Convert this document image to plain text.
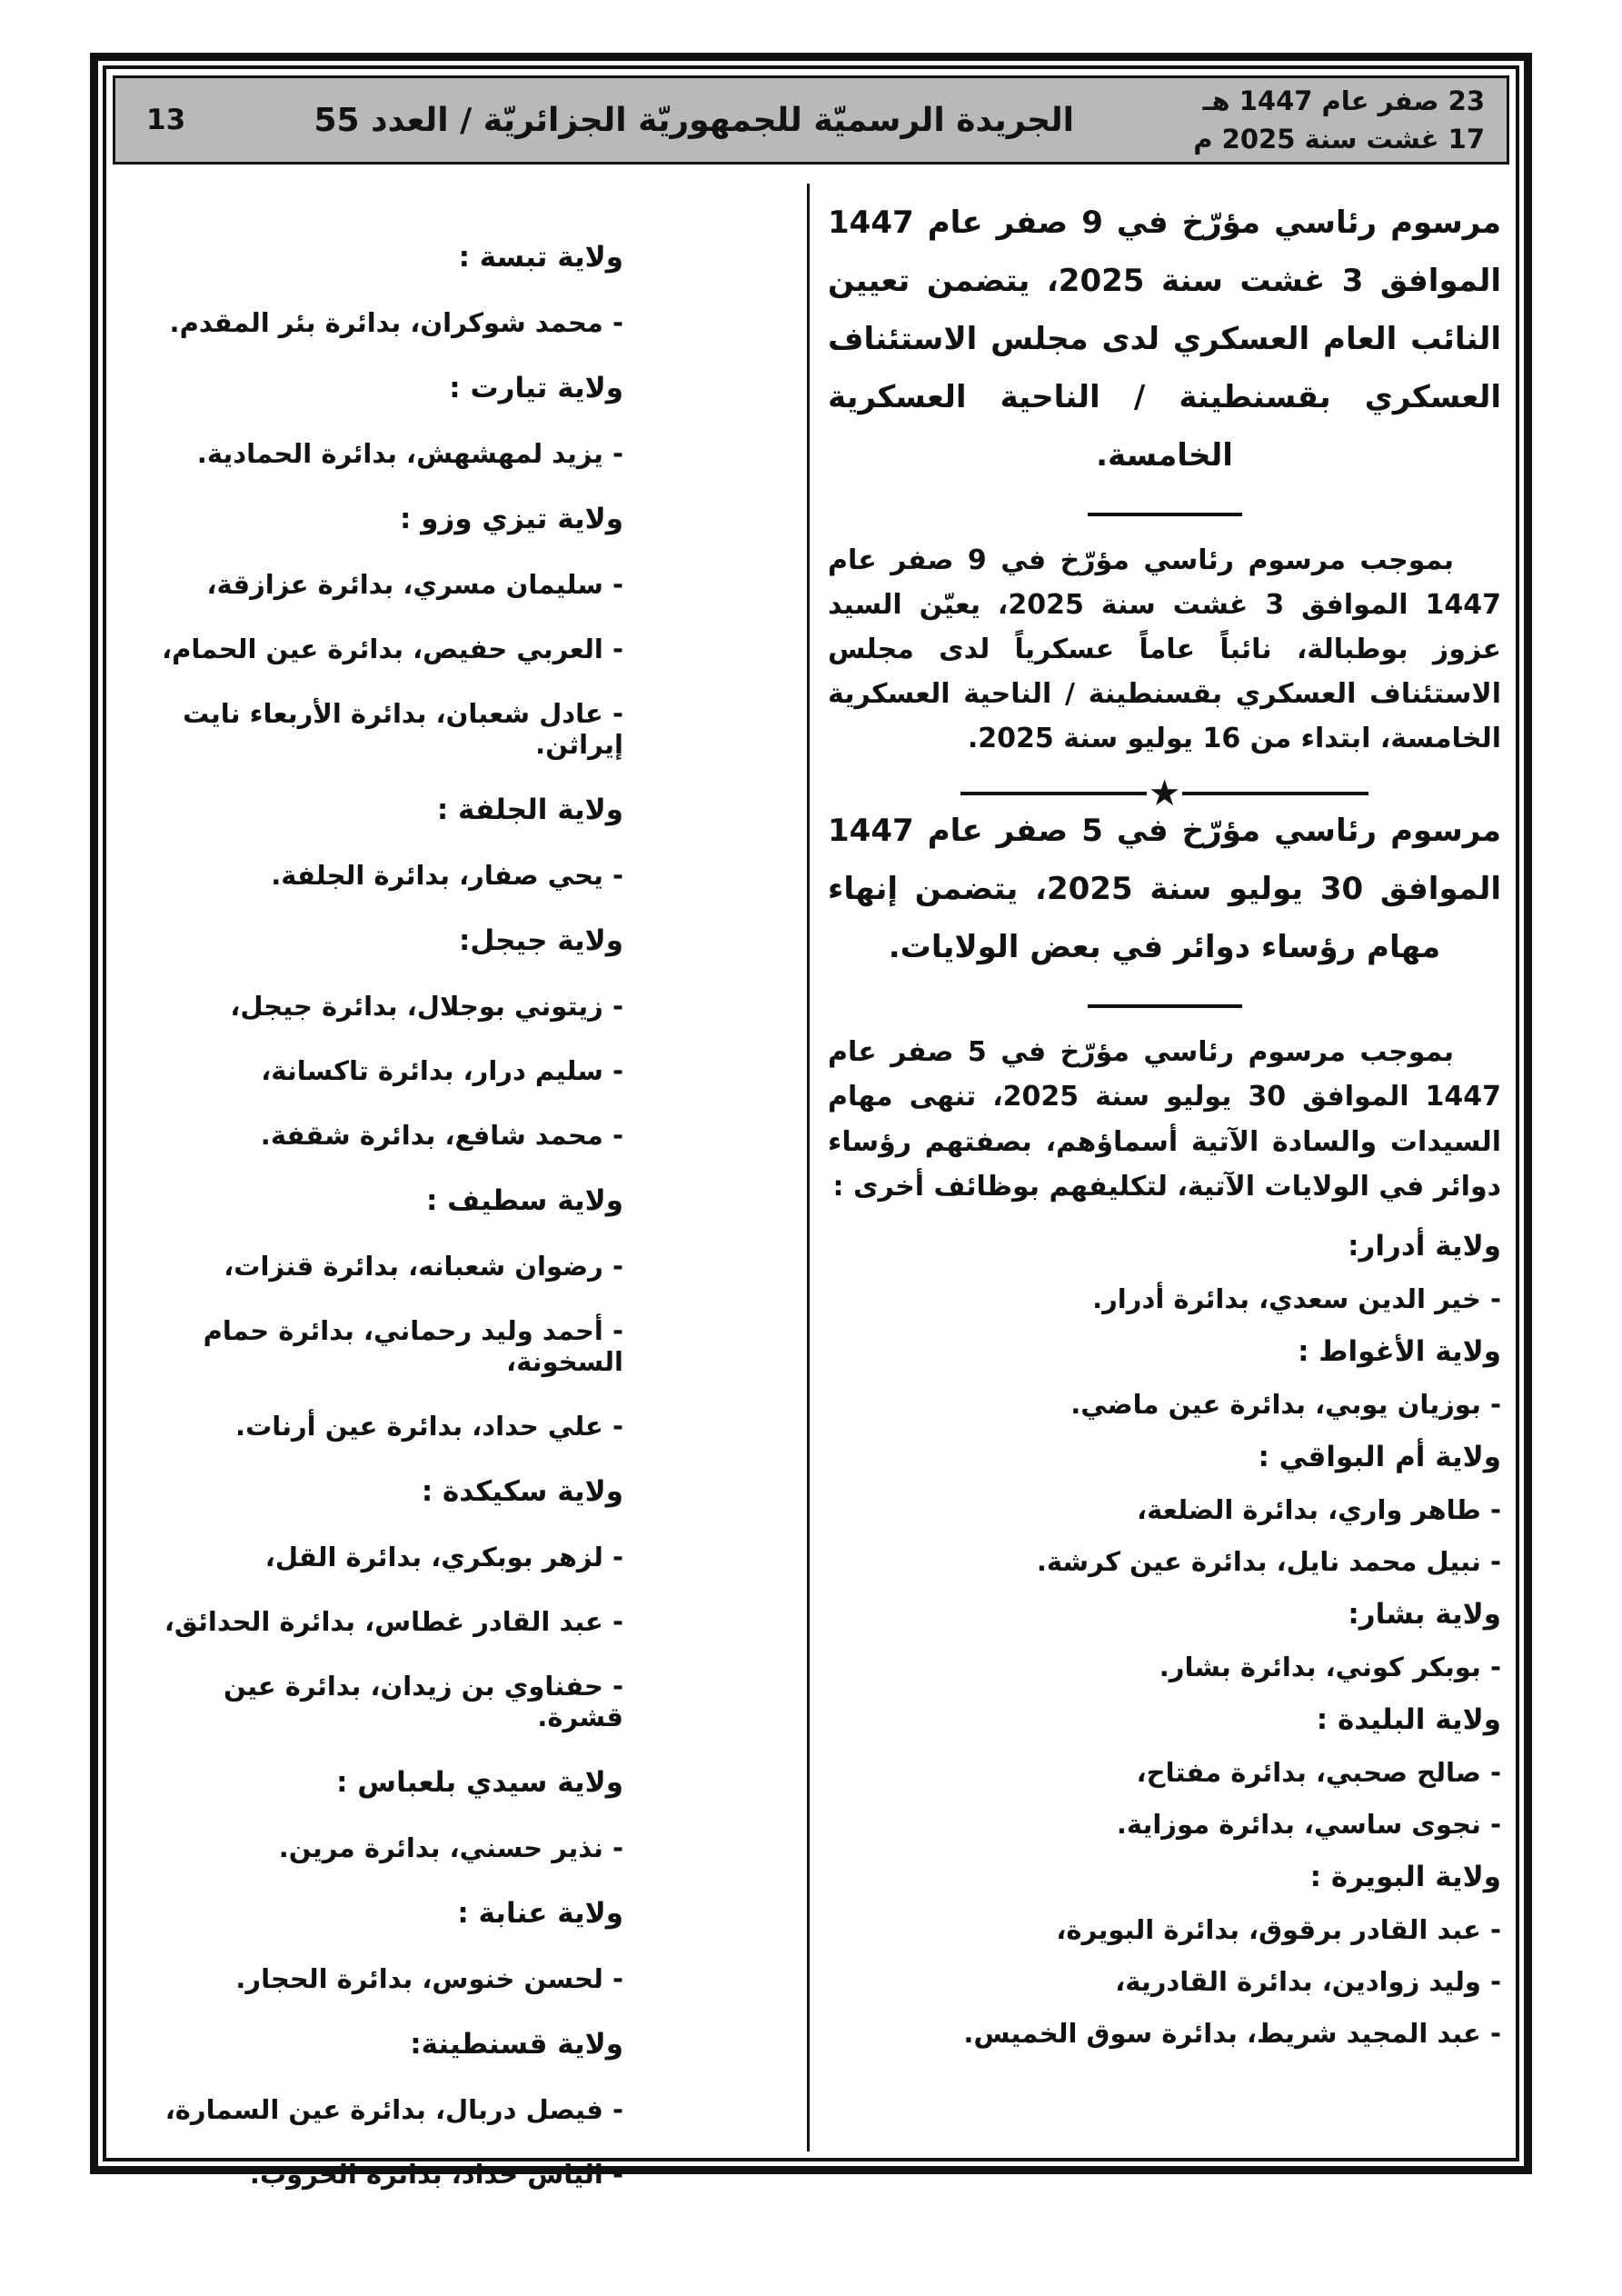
23 صفر عام 1447 هـ
17 غشت سنة 2025 م
الجريدة الرسميّة للجمهوريّة الجزائريّة / العدد 55
13
مرسوم رئاسي مؤرّخ في 9 صفر عام 1447 الموافق 3 غشت سنة 2025، يتضمن تعيين النائب العام العسكري لدى مجلس الاستئناف العسكري بقسنطينة / الناحية العسكرية الخامسة.
بموجب مرسوم رئاسي مؤرّخ في 9 صفر عام 1447 الموافق 3 غشت سنة 2025، يعيّن السيد عزوز بوطبالة، نائباً عاماً عسكرياً لدى مجلس الاستئناف العسكري بقسنطينة / الناحية العسكرية الخامسة، ابتداء من 16 يوليو سنة 2025.
★
مرسوم رئاسي مؤرّخ في 5 صفر عام 1447 الموافق 30 يوليو سنة 2025، يتضمن إنهاء مهام رؤساء دوائر في بعض الولايات.
بموجب مرسوم رئاسي مؤرّخ في 5 صفر عام 1447 الموافق 30 يوليو سنة 2025، تنهى مهام السيدات والسادة الآتية أسماؤهم، بصفتهم رؤساء دوائر في الولايات الآتية، لتكليفهم بوظائف أخرى :
ولاية أدرار:
- خير الدين سعدي، بدائرة أدرار.
ولاية الأغواط :
- بوزيان يوبي، بدائرة عين ماضي.
ولاية أم البواقي :
- طاهر واري، بدائرة الضلعة،
- نبيل محمد نايل، بدائرة عين كرشة.
ولاية بشار:
- بوبكر كوني، بدائرة بشار.
ولاية البليدة :
- صالح صحبي، بدائرة مفتاح،
- نجوى ساسي، بدائرة موزاية.
ولاية البويرة :
- عبد القادر برقوق، بدائرة البويرة،
- وليد زوادين، بدائرة القادرية،
- عبد المجيد شريط، بدائرة سوق الخميس.
ولاية تبسة :
- محمد شوكران، بدائرة بئر المقدم.
ولاية تيارت :
- يزيد لمهشهش، بدائرة الحمادية.
ولاية تيزي وزو :
- سليمان مسري، بدائرة عزازقة،
- العربي حفيص، بدائرة عين الحمام،
- عادل شعبان، بدائرة الأربعاء نايت إيراثن.
ولاية الجلفة :
- يحي صفار، بدائرة الجلفة.
ولاية جيجل:
- زيتوني بوجلال، بدائرة جيجل،
- سليم درار، بدائرة تاكسانة،
- محمد شافع، بدائرة شقفة.
ولاية سطيف :
- رضوان شعبانه، بدائرة قنزات،
- أحمد وليد رحماني، بدائرة حمام السخونة،
- علي حداد، بدائرة عين أرنات.
ولاية سكيكدة :
- لزهر بوبكري، بدائرة القل،
- عبد القادر غطاس، بدائرة الحدائق،
- حفناوي بن زيدان، بدائرة عين قشرة.
ولاية سيدي بلعباس :
- نذير حسني، بدائرة مرين.
ولاية عنابة :
- لحسن خنوس، بدائرة الحجار.
ولاية قسنطينة:
- فيصل دربال، بدائرة عين السمارة،
- الياس حداد، بدائرة الخروب.
